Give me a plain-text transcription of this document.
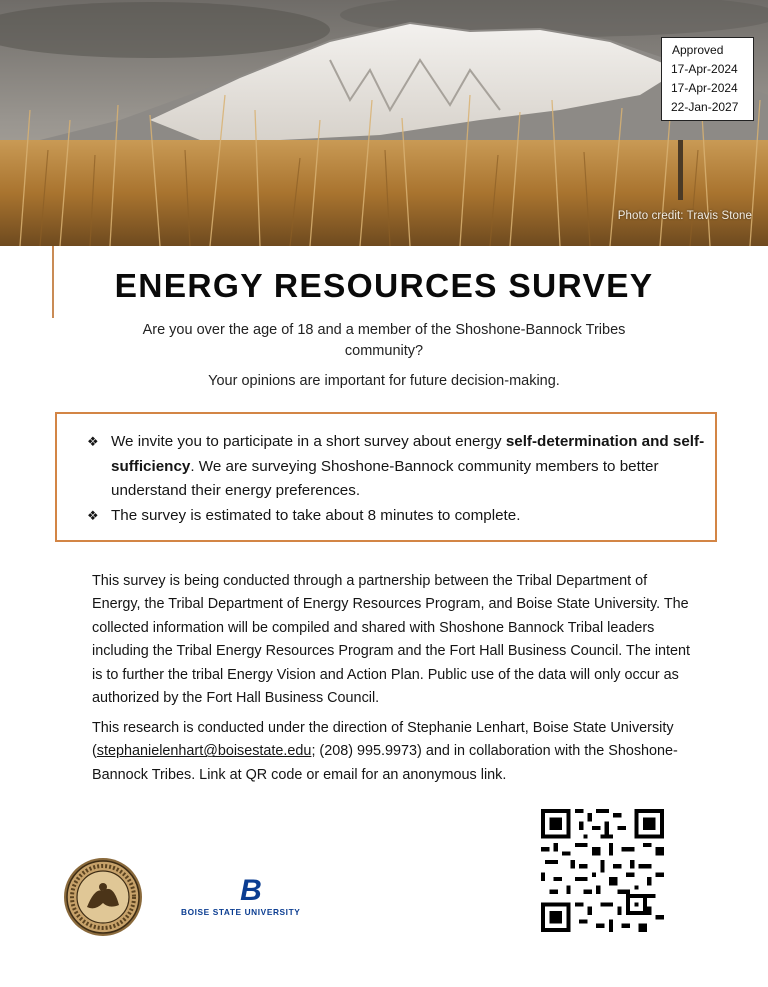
Approved
17-Apr-2024
17-Apr-2024
22-Jan-2027
Photo credit: Travis Stone
ENERGY RESOURCES SURVEY
Are you over the age of 18 and a member of the Shoshone-Bannock Tribes community?
Your opinions are important for future decision-making.
❖ We invite you to participate in a short survey about energy self-determination and self-sufficiency. We are surveying Shoshone-Bannock community members to better understand their energy preferences.
❖ The survey is estimated to take about 8 minutes to complete.
This survey is being conducted through a partnership between the Tribal Department of Energy, the Tribal Department of Energy Resources Program, and Boise State University. The collected information will be compiled and shared with Shoshone Bannock Tribal leaders including the Tribal Energy Resources Program and the Fort Hall Business Council. The intent is to further the tribal Energy Vision and Action Plan. Public use of the data will only occur as authorized by the Fort Hall Business Council.
This research is conducted under the direction of Stephanie Lenhart, Boise State University (stephanielenhart@boisestate.edu; (208) 995.9973) and in collaboration with the Shoshone-Bannock Tribes. Link at QR code or email for an anonymous link.
B
BOISE STATE UNIVERSITY
